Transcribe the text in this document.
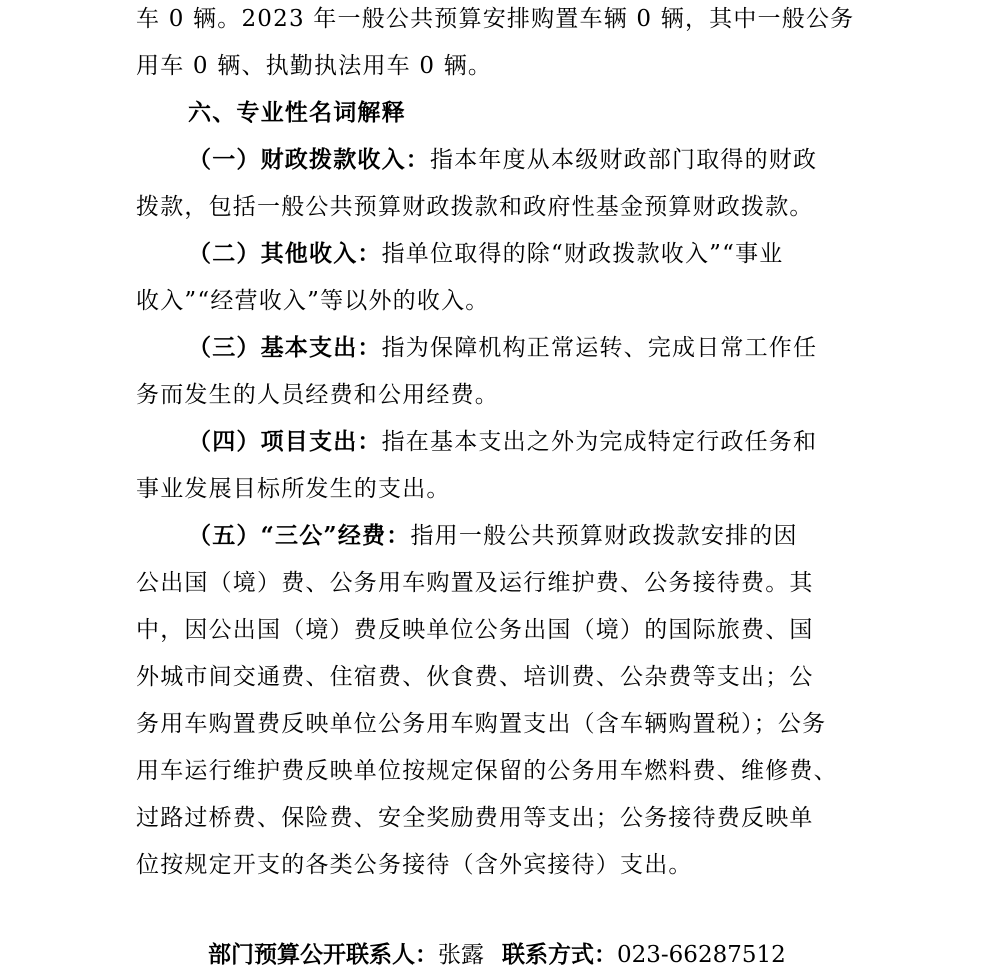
车 0 辆。2023 年一般公共预算安排购置车辆 0 辆，其中一般公务
用车 0 辆、执勤执法用车 0 辆。
六、专业性名词解释
（一）财政拨款收入：指本年度从本级财政部门取得的财政
拨款，包括一般公共预算财政拨款和政府性基金预算财政拨款。
（二）其他收入：指单位取得的除“财政拨款收入”“事业
收入”“经营收入”等以外的收入。
（三）基本支出：指为保障机构正常运转、完成日常工作任
务而发生的人员经费和公用经费。
（四）项目支出：指在基本支出之外为完成特定行政任务和
事业发展目标所发生的支出。
（五）“三公”经费：指用一般公共预算财政拨款安排的因
公出国（境）费、公务用车购置及运行维护费、公务接待费。其
中，因公出国（境）费反映单位公务出国（境）的国际旅费、国
外城市间交通费、住宿费、伙食费、培训费、公杂费等支出；公
务用车购置费反映单位公务用车购置支出（含车辆购置税）；公务
用车运行维护费反映单位按规定保留的公务用车燃料费、维修费、
过路过桥费、保险费、安全奖励费用等支出；公务接待费反映单
位按规定开支的各类公务接待（含外宾接待）支出。
部门预算公开联系人：张露 联系方式：023-66287512
